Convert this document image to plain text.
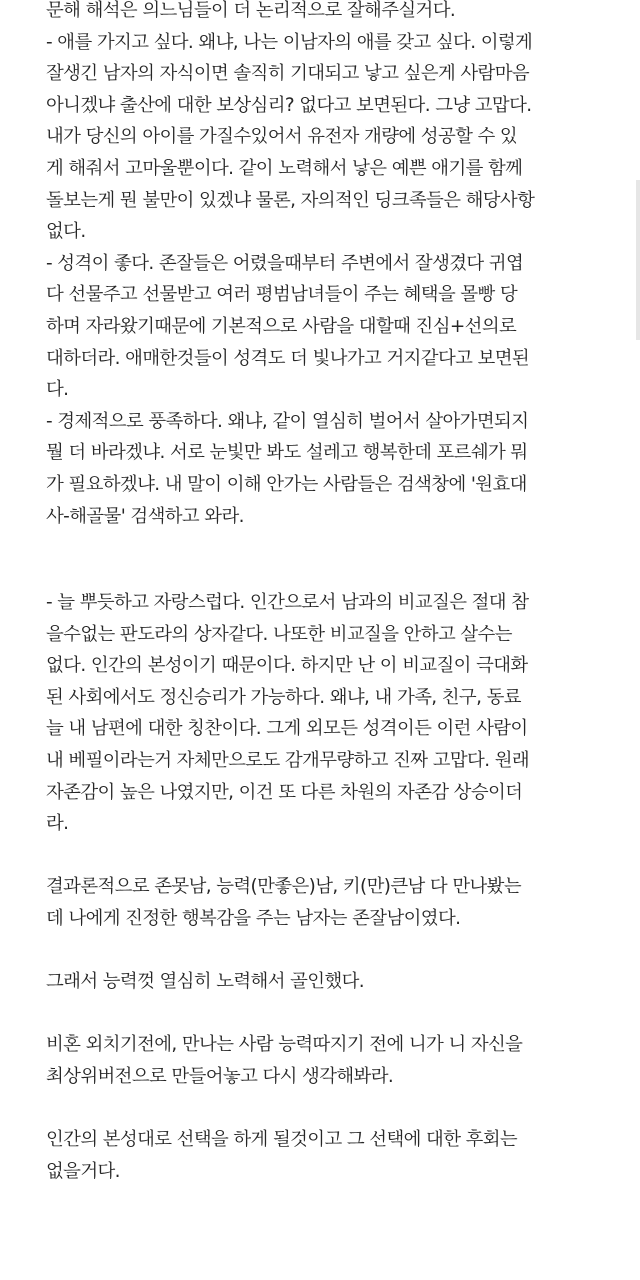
문해 해석은 의느님들이 더 논리적으로 잘해주실거다.
- 애를 가지고 싶다. 왜냐, 나는 이남자의 애를 갖고 싶다. 이렇게
잘생긴 남자의 자식이면 솔직히 기대되고 낳고 싶은게 사람마음
아니겠냐 출산에 대한 보상심리? 없다고 보면된다. 그냥 고맙다.
내가 당신의 아이를 가질수있어서 유전자 개량에 성공할 수 있
게 해줘서 고마울뿐이다. 같이 노력해서 낳은 예쁜 애기를 함께
돌보는게 뭔 불만이 있겠냐 물론, 자의적인 딩크족들은 해당사항
없다.
- 성격이 좋다. 존잘들은 어렸을때부터 주변에서 잘생겼다 귀엽
다 선물주고 선물받고 여러 평범남녀들이 주는 혜택을 몰빵 당
하며 자라왔기때문에 기본적으로 사람을 대할때 진심+선의로
대하더라. 애매한것들이 성격도 더 빛나가고 거지같다고 보면된
다.
- 경제적으로 풍족하다. 왜냐, 같이 열심히 벌어서 살아가면되지
뭘 더 바라겠냐. 서로 눈빛만 봐도 설레고 행복한데 포르쉐가 뭐
가 필요하겠냐. 내 말이 이해 안가는 사람들은 검색창에 '원효대
사-해골물' 검색하고 와라.
- 늘 뿌듯하고 자랑스럽다. 인간으로서 남과의 비교질은 절대 참
을수없는 판도라의 상자같다. 나또한 비교질을 안하고 살수는
없다. 인간의 본성이기 때문이다. 하지만 난 이 비교질이 극대화
된 사회에서도 정신승리가 가능하다. 왜냐, 내 가족, 친구, 동료
늘 내 남편에 대한 칭찬이다. 그게 외모든 성격이든 이런 사람이
내 베필이라는거 자체만으로도 감개무량하고 진짜 고맙다. 원래
자존감이 높은 나였지만, 이건 또 다른 차원의 자존감 상승이더
라.
결과론적으로 존못남, 능력(만좋은)남, 키(만)큰남 다 만나봤는
데 나에게 진정한 행복감을 주는 남자는 존잘남이였다.
그래서 능력껏 열심히 노력해서 골인했다.
비혼 외치기전에, 만나는 사람 능력따지기 전에 니가 니 자신을
최상위버전으로 만들어놓고 다시 생각해봐라.
인간의 본성대로 선택을 하게 될것이고 그 선택에 대한 후회는
없을거다.
